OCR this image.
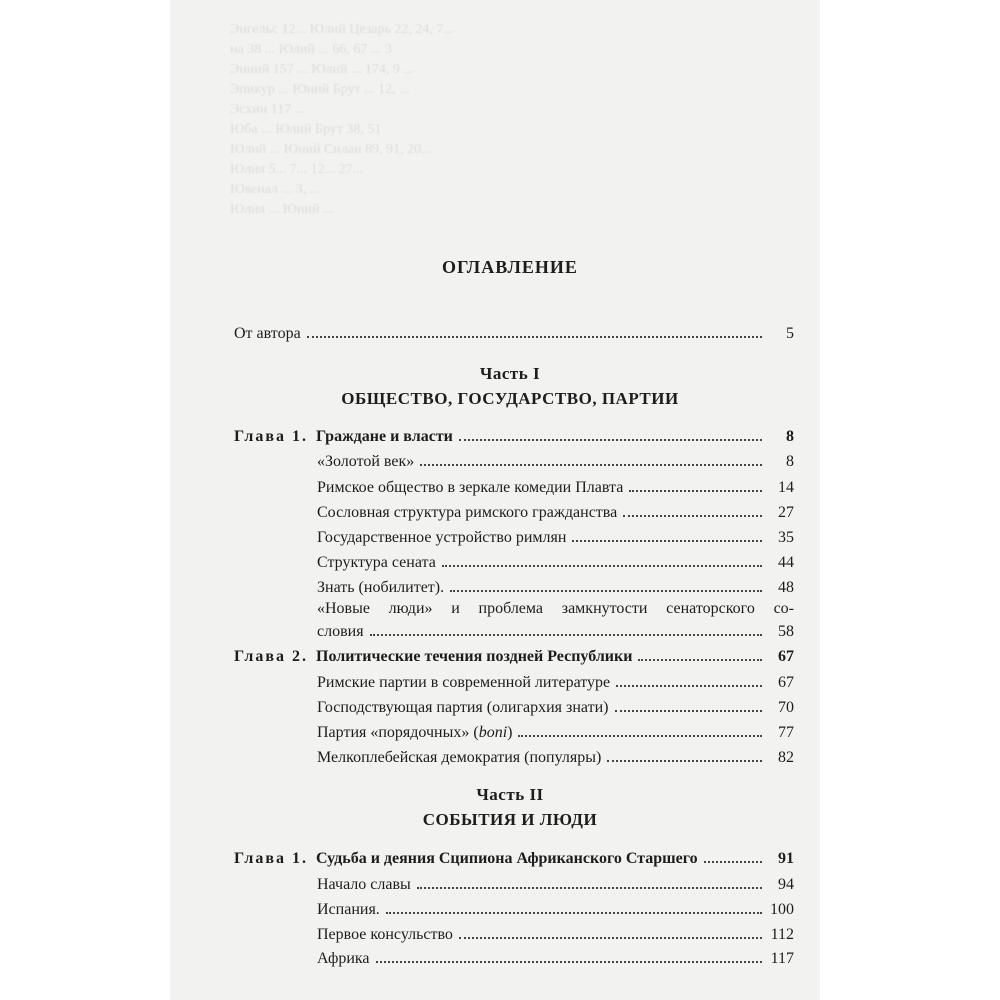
Энгельс 12... Юлий Цезарь 22, 24, 7...
на 38 ... Юлий ... 66, 67 ... 3
Энний 157 ... Юлий ... 174, 9 ...
Эпикур ... Юний Брут ... 12, ...
Эсхин 117 ...
Юба ... Юлий Брут 38, 51
Юлий ... Юний Силан 89, 91, 20...
Юлия 5... 7... 12... 27...
Ювенал ... 3, ...
Юлия ... Юний ...
ОГЛАВЛЕНИЕ
От автора	5
Часть I
ОБЩЕСТВО, ГОСУДАРСТВО, ПАРТИИ
Глава 1. Граждане и власти	8
«Золотой век»	8
Римское общество в зеркале комедии Плавта	14
Сословная структура римского гражданства	27
Государственное устройство римлян	35
Структура сената	44
Знать (нобилитет).	48
«Новые люди» и проблема замкнутости сенаторского со-
словия	58
Глава 2. Политические течения поздней Республики	67
Римские партии в современной литературе	67
Господствующая партия (олигархия знати)	70
Партия «порядочных» (boni)	77
Мелкоплебейская демократия (популяры)	82
Часть II
СОБЫТИЯ И ЛЮДИ
Глава 1. Судьба и деяния Сципиона Африканского Старшего	91
Начало славы	94
Испания.	100
Первое консульство	112
Африка	117
